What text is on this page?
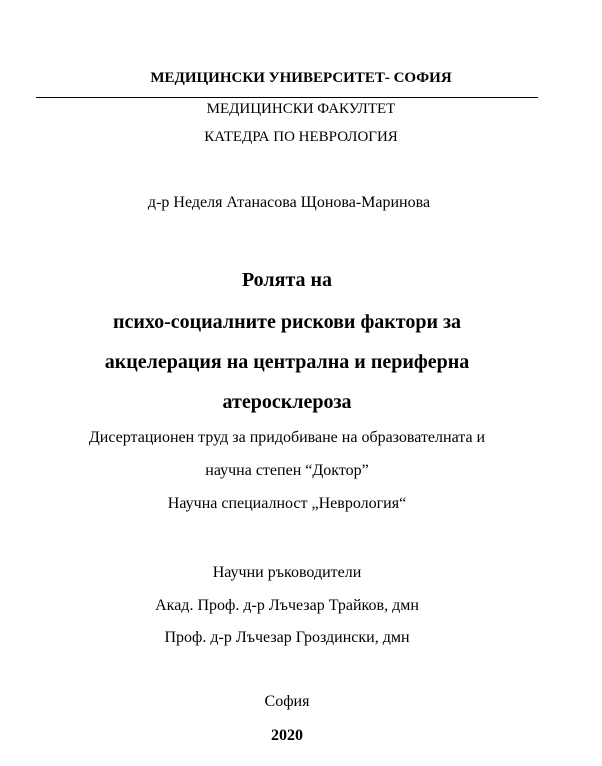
МЕДИЦИНСКИ УНИВЕРСИТЕТ- СОФИЯ
МЕДИЦИНСКИ ФАКУЛТЕТ
КАТЕДРА ПО НЕВРОЛОГИЯ
д-р Неделя Атанасова Щонова-Маринова
Ролята на
психо-социалните рискови фактори за
акцелерация на централна и периферна
атеросклероза
Дисертационен труд за придобиване на образователната и
научна степен “Доктор”
Научна специалност „Неврология“
Научни ръководители
Акад. Проф. д-р Лъчезар Трайков, дмн
Проф. д-р Лъчезар Гроздински, дмн
София
2020
